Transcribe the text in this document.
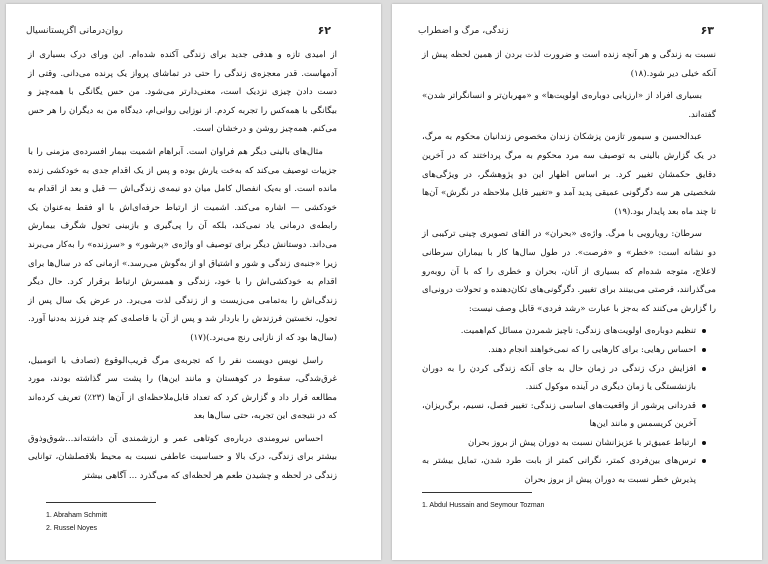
۶۲
روان‌درمانی اگزیستانسیال

از امیدی تازه و هدفی جدید برای زندگی آکنده شده‌ام. این ورای درک بسیاری از آدمهاست. قدر معجزه‌ی زندگی را حتی در تماشای پرواز یک پرنده می‌دانی. وقتی از دست دادن چیزی نزدیک است، معنی‌دارتر می‌شود. من حس یگانگی با همه‌چیز و بیگانگی با همه‌کس را تجربه کردم. از نوزایی روانی‌ام، دیدگاه من به دیگران را هر حس می‌کنم. همه‌چیز روشن و درخشان است.

مثال‌های بالینی دیگر هم فراوان است. آبراهام اشمیت بیمار افسرده‌ی مزمنی را با جزییات توصیف می‌کند که به‌خت یارش بوده و پس از یک اقدام جدی به خودکشی زنده مانده است. او به‌یک انفصال کامل میان دو نیمه‌ی زندگی‌اش — قبل و بعد از اقدام به خودکشی — اشاره می‌کند. اشمیت از ارتباط حرفه‌ای‌اش با او فقط به‌عنوان یک رابطه‌ی درمانی یاد نمی‌کند، بلکه آن را پی‌گیری و بازبینی تحول شگرف بیمارش می‌داند. دوستانش دیگر برای توصیف او واژه‌ی «پرشور» و «سرزنده» را به‌کار می‌برند زیرا «جنبه‌ی زندگی و شور و اشتیاق او از به‌گوش می‌رسد.» ازمانی که در سال‌ها برای اقدام به خودکشی‌اش را با خود، زندگی و همسرش ارتباط برقرار کرد. حال دیگر زندگی‌اش را به‌تمامی می‌زیست و از زندگی لذت می‌برد. در عرض یک سال پس از تحول، نخستین فرزندش را باردار شد و پس از آن با فاصله‌ی کم چند فرزند به‌دنیا آورد. (سال‌ها بود که از نازایی رنج می‌برد.)(۱۷)

راسل نویس دویست نفر را که تجربه‌ی مرگ قریب‌الوقوع (تصادف با اتومبیل، غرق‌شدگی، سقوط در کوهستان و مانند این‌ها) را پشت سر گذاشته بودند، مورد مطالعه قرار داد و گزارش کرد که تعداد قابل‌ملاحظه‌ای از آن‌ها (۲۳٪) تعریف کرده‌اند که در نتیجه‌ی این تجربه، حتی سال‌ها بعد

احساس نیرومندی درباره‌ی کوتاهی عمر و ارزشمندی آن داشته‌اند...شوق‌وذوق بیشتر برای زندگی، درک بالا و حساسیت عاطفی نسبت به محیط بلافصلشان، توانایی زندگی در لحظه و چشیدن طعم هر لحظه‌ای که می‌گذرد ... آگاهی بیشتر

1. Abraham Schmitt
2. Russel Noyes
۶۳
زندگی، مرگ و اضطراب

نسبت به زندگی و هر آنچه زنده است و ضرورت لذت بردن از همین لحظه پیش از آنکه خیلی دیر شود.(۱۸)

بسیاری افراد از «ارزیابی دوباره‌ی اولویت‌ها» و «مهربان‌تر و انسانگراتر شدن» گفته‌اند.

عبدالحسین و سیمور تازمن پزشکان زندان مخصوص زندانیان محکوم به مرگ، در یک گزارش بالینی به توصیف سه مرد محکوم به مرگ پرداختند که در آخرین دقایق حکمشان تغییر کرد. بر اساس اظهار این دو پژوهشگر، در ویژگی‌های شخصیتی هر سه دگرگونی عمیقی پدید آمد و «تغییر قابل ملاحظه در نگرش» آن‌ها تا چند ماه بعد پایدار بود.(۱۹)

سرطان: رویارویی با مرگ. واژه‌ی «بحران» در القای تصویری چینی ترکیبی از دو نشانه است: «خطر» و «فرصت». در طول سال‌ها کار با بیماران سرطانی لاعلاج، متوجه شده‌ام که بسیاری از آنان، بحران و خطری را که با آن روبه‌رو می‌گذرانند، فرصتی می‌بینند برای تغییر. دگرگونی‌های تکان‌دهنده و تحولات درونی‌ای را گزارش می‌کنند که به‌جز با عبارت «رشد فردی» قابل وصف نیست:

تنظیم دوباره‌ی اولویت‌های زندگی: ناچیز شمردن مسائل کم‌اهمیت.
احساس رهایی: برای کارهایی را که نمی‌خواهند انجام دهند.
افزایش درک زندگی در زمان حال به جای آنکه زندگی کردن را به دوران بازنشستگی یا زمان دیگری در آینده موکول کنند.
قدردانی پرشور از واقعیت‌های اساسی زندگی: تغییر فصل، نسیم، برگ‌ریزان، آخرین کریسمس و مانند این‌ها
ارتباط عمیق‌تر با عزیزانشان نسبت به دوران پیش از بروز بحران
ترس‌های بین‌فردی کمتر، نگرانی کمتر از بابت طرد شدن، تمایل بیشتر به پذیرش خطر نسبت به دوران پیش از بروز بحران
1. Abdul Hussain and Seymour Tozman
